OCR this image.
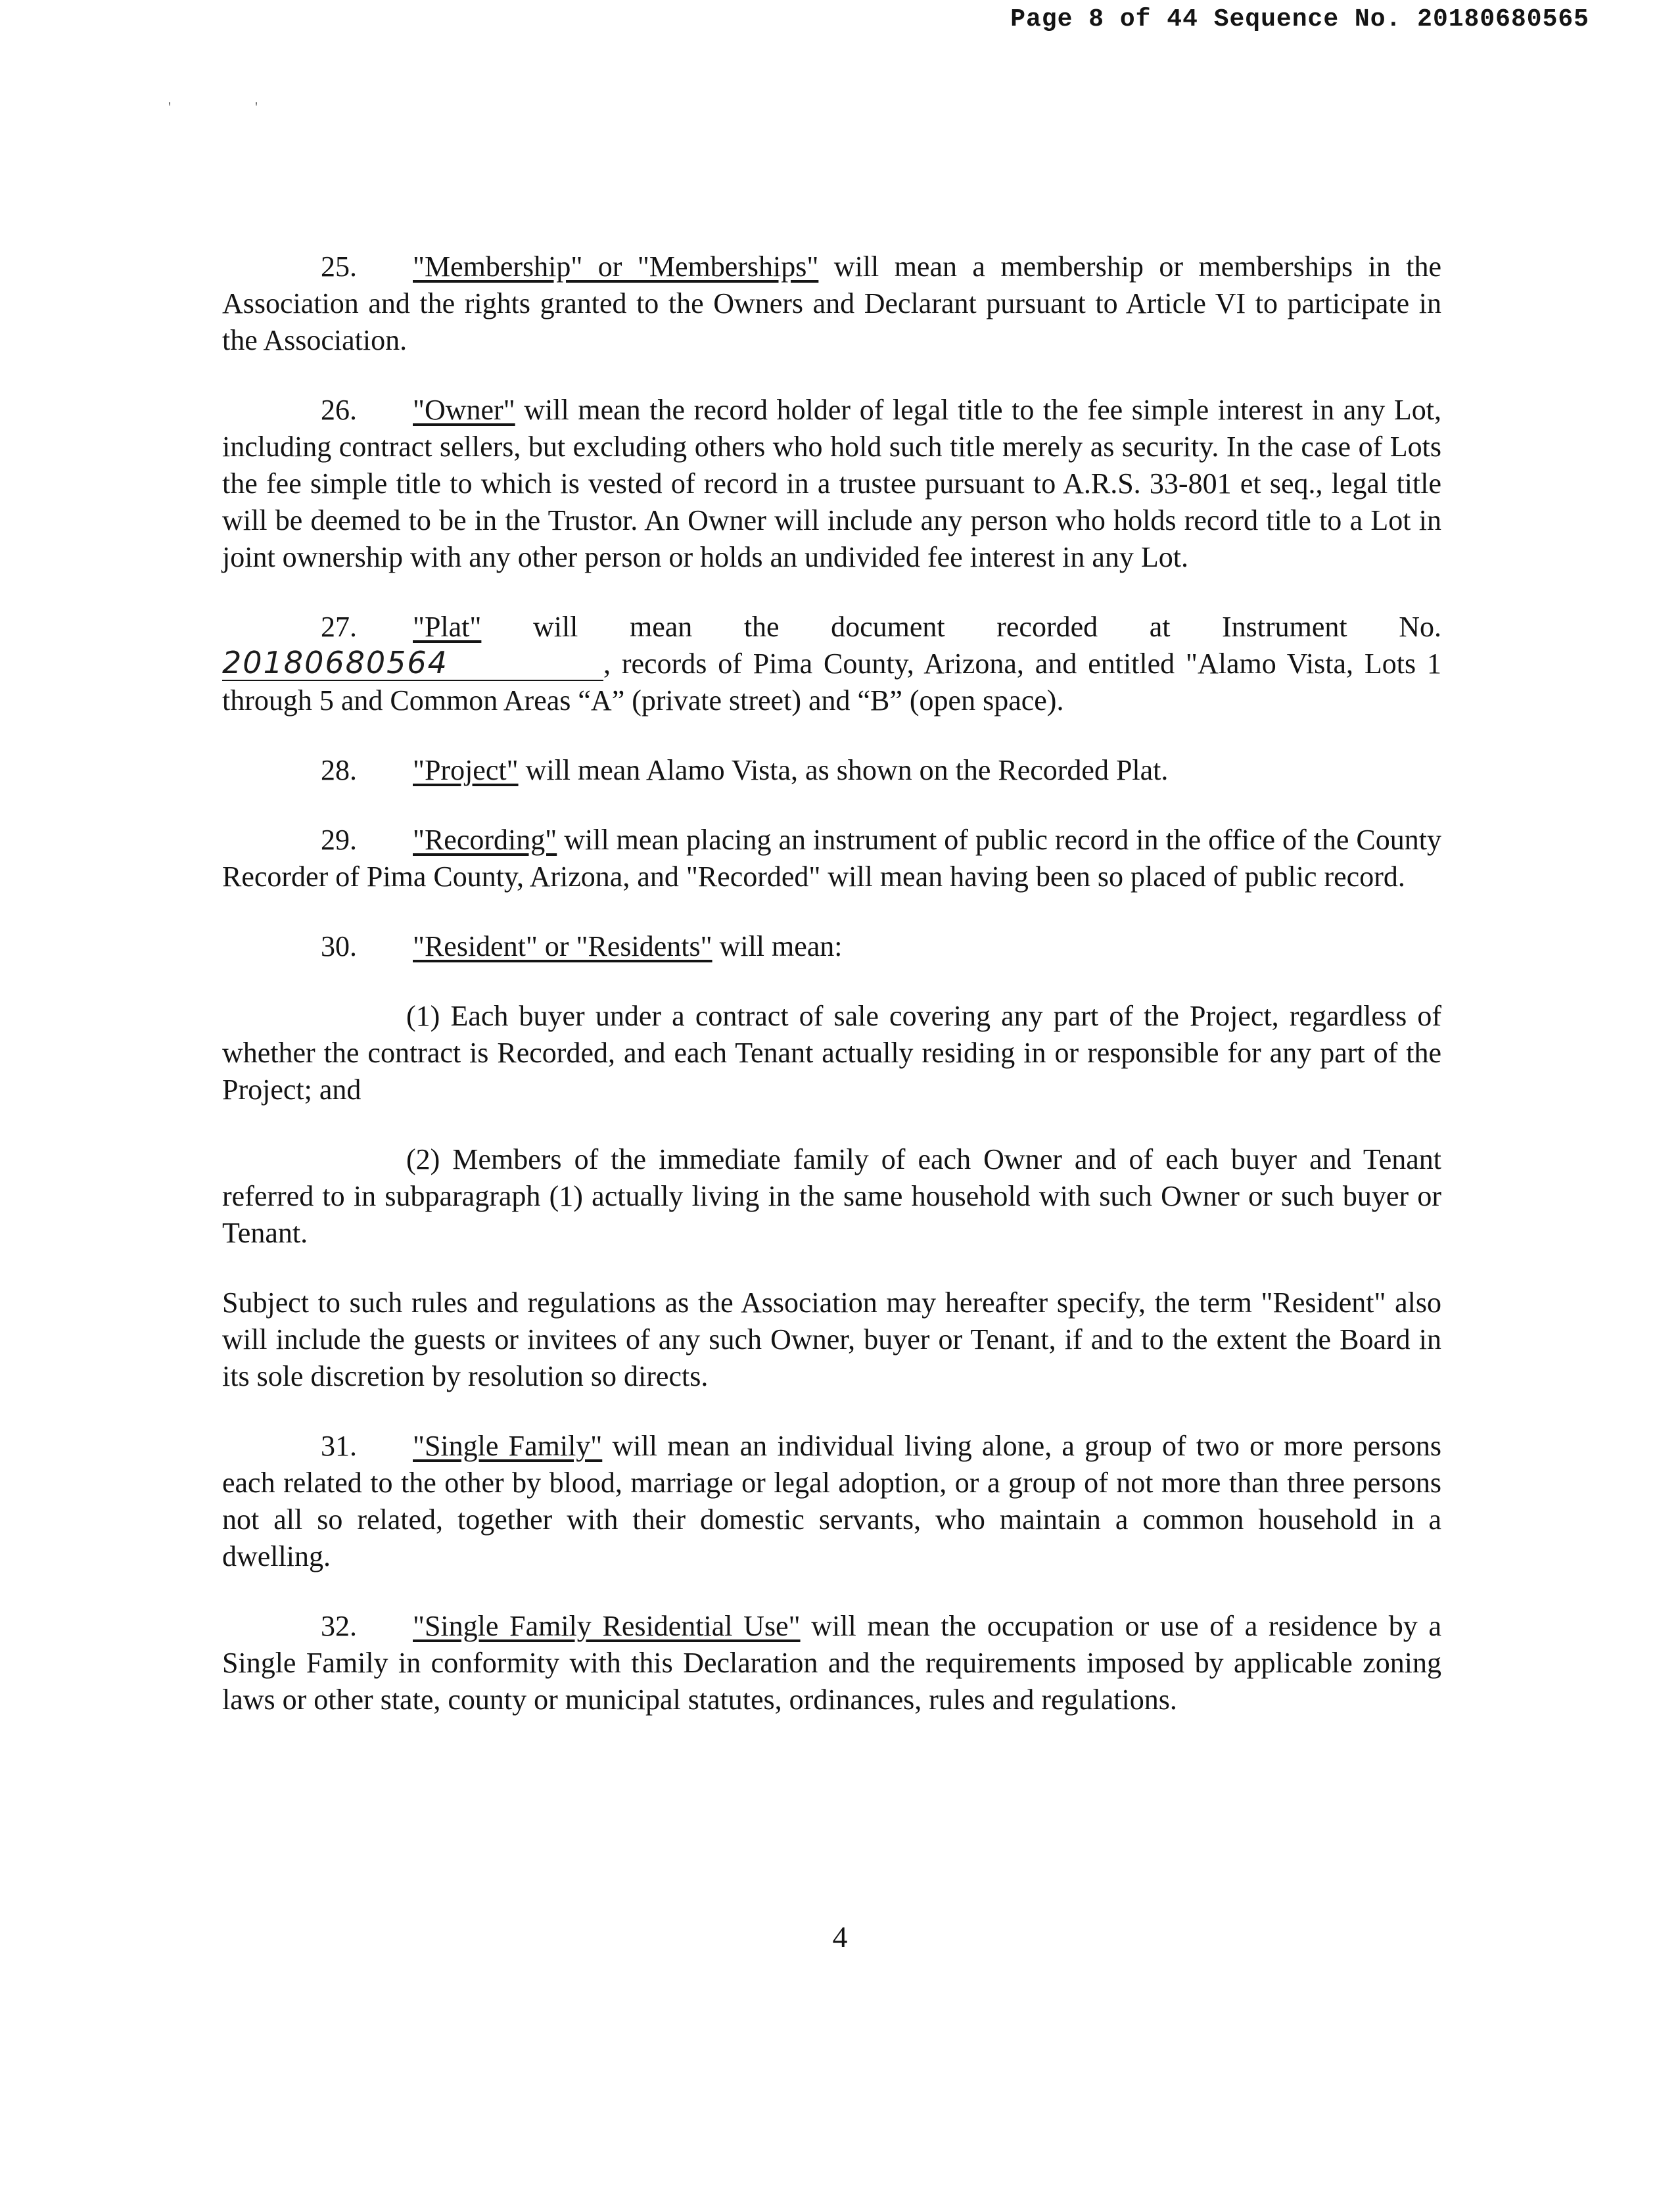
Page 8 of 44 Sequence No. 20180680565
'	'

25. "Membership" or "Memberships" will mean a membership or memberships in the Association and the rights granted to the Owners and Declarant pursuant to Article VI to participate in the Association.

26. "Owner" will mean the record holder of legal title to the fee simple interest in any Lot, including contract sellers, but excluding others who hold such title merely as security. In the case of Lots the fee simple title to which is vested of record in a trustee pursuant to A.R.S. 33-801 et seq., legal title will be deemed to be in the Trustor. An Owner will include any person who holds record title to a Lot in joint ownership with any other person or holds an undivided fee interest in any Lot.

27. "Plat" will mean the document recorded at Instrument No. 20180680564	, records of Pima County, Arizona, and entitled "Alamo Vista, Lots 1 through 5 and Common Areas “A” (private street) and “B” (open space).

28. "Project" will mean Alamo Vista, as shown on the Recorded Plat.

29. "Recording" will mean placing an instrument of public record in the office of the County Recorder of Pima County, Arizona, and "Recorded" will mean having been so placed of public record.

30. "Resident" or "Residents" will mean:

(1) Each buyer under a contract of sale covering any part of the Project, regardless of whether the contract is Recorded, and each Tenant actually residing in or responsible for any part of the Project; and

(2) Members of the immediate family of each Owner and of each buyer and Tenant referred to in subparagraph (1) actually living in the same household with such Owner or such buyer or Tenant.

Subject to such rules and regulations as the Association may hereafter specify, the term "Resident" also will include the guests or invitees of any such Owner, buyer or Tenant, if and to the extent the Board in its sole discretion by resolution so directs.

31. "Single Family" will mean an individual living alone, a group of two or more persons each related to the other by blood, marriage or legal adoption, or a group of not more than three persons not all so related, together with their domestic servants, who maintain a common household in a dwelling.

32. "Single Family Residential Use" will mean the occupation or use of a residence by a Single Family in conformity with this Declaration and the requirements imposed by applicable zoning laws or other state, county or municipal statutes, ordinances, rules and regulations.

4
